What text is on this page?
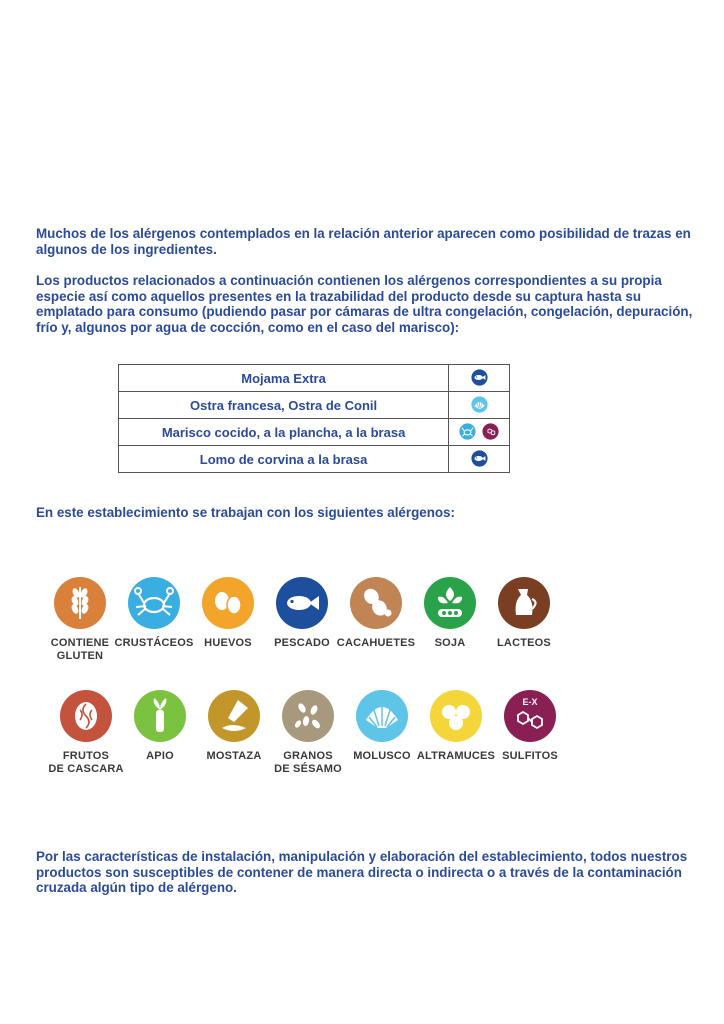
Muchos de los alérgenos contemplados en la relación anterior aparecen como posibilidad de trazas en algunos de los ingredientes.

Los productos relacionados a continuación contienen los alérgenos correspondientes a su propia especie así como aquellos presentes en la trazabilidad del producto desde su captura hasta su emplatado para consumo (pudiendo pasar por cámaras de ultra congelación, congelación, depuración, frío y, algunos por agua de cocción, como en el caso del marisco):

Mojama Extra	
Ostra francesa, Ostra de Conil	
Marisco cocido, a la plancha, a la brasa	
Lomo de corvina a la brasa	

En este establecimiento se trabajan con los siguientes alérgenos:

CONTIENE
GLUTEN
CRUSTÁCEOS HUEVOS	PESCADO CACAHUETES	SOJA	LACTEOS
FRUTOS
DE CASCARA
APIO	MOSTAZA	GRANOS
DE SÉSAMO
MOLUSCO ALTRAMUCES
E-X
SULFITOS

Por las características de instalación, manipulación y elaboración del establecimiento, todos nuestros productos son susceptibles de contener de manera directa o indirecta o a través de la contaminación cruzada algún tipo de alérgeno.
